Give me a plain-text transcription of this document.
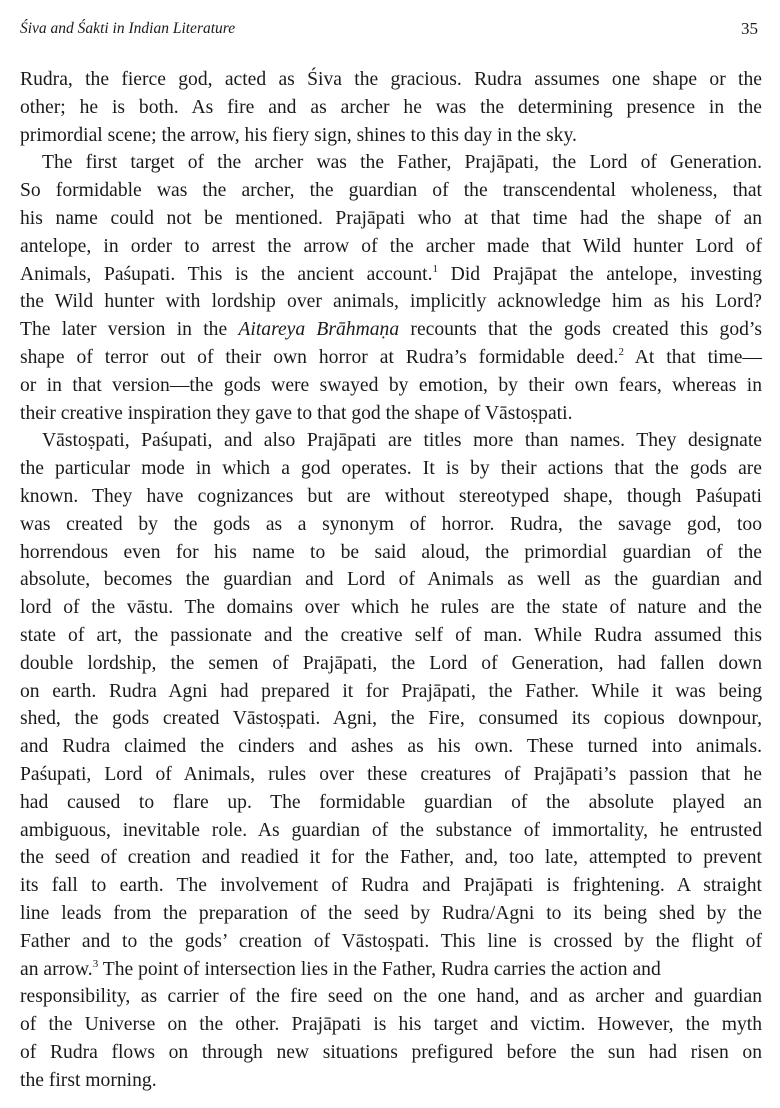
Śiva and Śakti in Indian Literature	35
Rudra, the fierce god, acted as Śiva the gracious. Rudra assumes one shape or the
other; he is both. As fire and as archer he was the determining presence in the
primordial scene; the arrow, his fiery sign, shines to this day in the sky.
The first target of the archer was the Father, Prajāpati, the Lord of Generation.
So formidable was the archer, the guardian of the transcendental wholeness, that
his name could not be mentioned. Prajāpati who at that time had the shape of an
antelope, in order to arrest the arrow of the archer made that Wild hunter Lord of
Animals, Paśupati. This is the ancient account.$^1$ Did Prajāpat the antelope, investing
the Wild hunter with lordship over animals, implicitly acknowledge him as his Lord?
The later version in the Aitareya Brāhmaṇa recounts that the gods created this god’s
shape of terror out of their own horror at Rudra’s formidable deed.$^2$ At that time—
or in that version—the gods were swayed by emotion, by their own fears, whereas in
their creative inspiration they gave to that god the shape of Vāstoṣpati.
Vāstoṣpati, Paśupati, and also Prajāpati are titles more than names. They designate
the particular mode in which a god operates. It is by their actions that the gods are
known. They have cognizances but are without stereotyped shape, though Paśupati
was created by the gods as a synonym of horror. Rudra, the savage god, too
horrendous even for his name to be said aloud, the primordial guardian of the
absolute, becomes the guardian and Lord of Animals as well as the guardian and
lord of the vāstu. The domains over which he rules are the state of nature and the
state of art, the passionate and the creative self of man. While Rudra assumed this
double lordship, the semen of Prajāpati, the Lord of Generation, had fallen down
on earth. Rudra Agni had prepared it for Prajāpati, the Father. While it was being
shed, the gods created Vāstoṣpati. Agni, the Fire, consumed its copious downpour,
and Rudra claimed the cinders and ashes as his own. These turned into animals.
Paśupati, Lord of Animals, rules over these creatures of Prajāpati’s passion that he
had caused to flare up. The formidable guardian of the absolute played an
ambiguous, inevitable role. As guardian of the substance of immortality, he entrusted
the seed of creation and readied it for the Father, and, too late, attempted to prevent
its fall to earth. The involvement of Rudra and Prajāpati is frightening. A straight
line leads from the preparation of the seed by Rudra/Agni to its being shed by the
Father and to the gods’ creation of Vāstoṣpati. This line is crossed by the flight of
an arrow.$^3$ The point of intersection lies in the Father, Rudra carries the action and
responsibility, as carrier of the fire seed on the one hand, and as archer and guardian
of the Universe on the other. Prajāpati is his target and victim. However, the myth
of Rudra flows on through new situations prefigured before the sun had risen on
the first morning.
